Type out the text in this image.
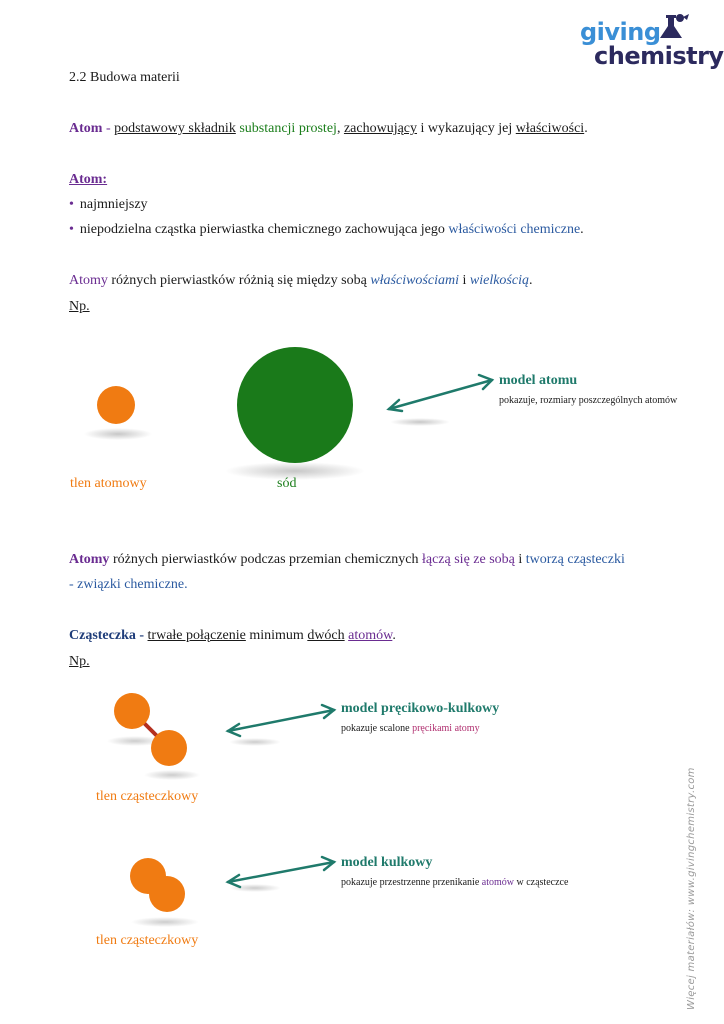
giving
chemistry
2.2 Budowa materii
Atom - podstawowy składnik substancji prostej, zachowujący i wykazujący jej właściwości.
Atom:
• najmniejszy
• niepodzielna cząstka pierwiastka chemicznego zachowująca jego właściwości chemiczne.
Atomy różnych pierwiastków różnią się między sobą właściwościami i wielkością.
Np.
tlen atomowy	sód
model atomu
pokazuje, rozmiary poszczególnych atomów
Atomy różnych pierwiastków podczas przemian chemicznych łączą się ze sobą i tworzą cząsteczki
- związki chemiczne.
Cząsteczka - trwałe połączenie minimum dwóch atomów.
Np.
tlen cząsteczkowy
model pręcikowo-kulkowy
pokazuje scalone pręcikami atomy
tlen cząsteczkowy
model kulkowy
pokazuje przestrzenne przenikanie atomów w cząsteczce	Więcej materiałów: www.givingchemistry.com
